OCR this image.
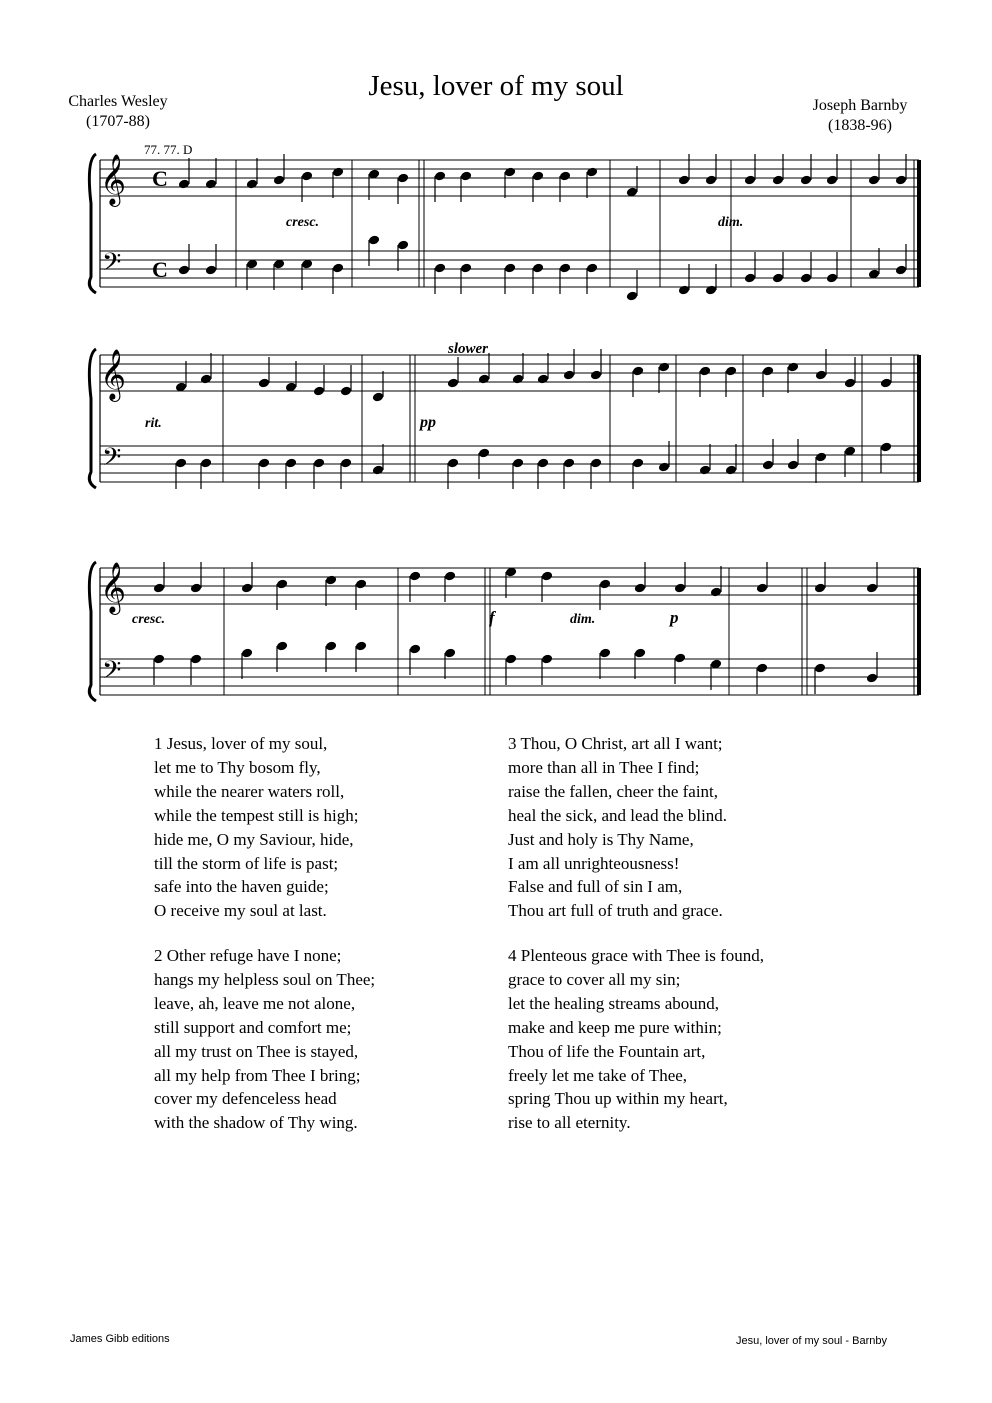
Jesu, lover of my soul
Charles Wesley
(1707-88)
Joseph Barnby
(1838-96)
77. 77. D
C
C
cresc.	dim.
𝄞
𝄢
slower
rit.	pp
𝄞
𝄢
cresc.	f	dim.	p
𝄞
𝄢
1 Jesus, lover of my soul,
let me to Thy bosom fly,
while the nearer waters roll,
while the tempest still is high;
hide me, O my Saviour, hide,
till the storm of life is past;
safe into the haven guide;
O receive my soul at last.
2 Other refuge have I none;
hangs my helpless soul on Thee;
leave, ah, leave me not alone,
still support and comfort me;
all my trust on Thee is stayed,
all my help from Thee I bring;
cover my defenceless head
with the shadow of Thy wing.
3 Thou, O Christ, art all I want;
more than all in Thee I find;
raise the fallen, cheer the faint,
heal the sick, and lead the blind.
Just and holy is Thy Name,
I am all unrighteousness!
False and full of sin I am,
Thou art full of truth and grace.
4 Plenteous grace with Thee is found,
grace to cover all my sin;
let the healing streams abound,
make and keep me pure within;
Thou of life the Fountain art,
freely let me take of Thee,
spring Thou up within my heart,
rise to all eternity.
James Gibb editions	Jesu, lover of my soul - Barnby
